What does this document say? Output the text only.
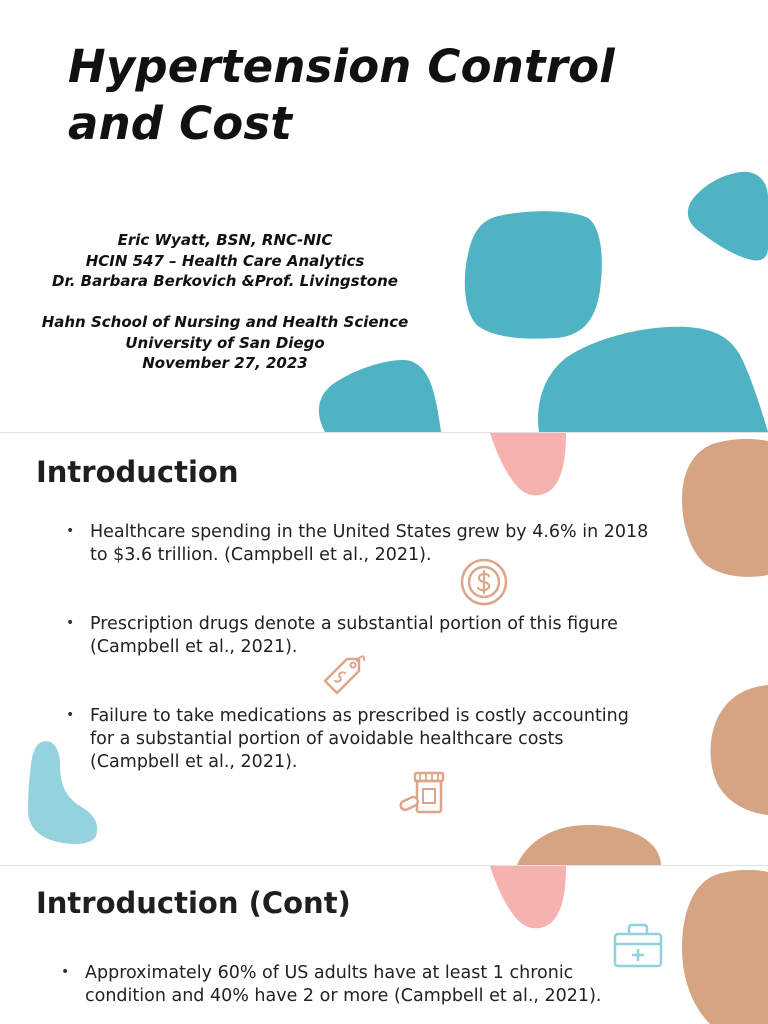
Hypertension Control
and Cost
Eric Wyatt, BSN, RNC-NIC
HCIN 547 – Health Care Analytics
Dr. Barbara Berkovich &Prof. Livingstone
Hahn School of Nursing and Health Science
University of San Diego
November 27, 2023
Introduction
• Healthcare spending in the United States grew by 4.6% in 2018
to $3.6 trillion. (Campbell et al., 2021).
• Prescription drugs denote a substantial portion of this figure
(Campbell et al., 2021).
• Failure to take medications as prescribed is costly accounting
for a substantial portion of avoidable healthcare costs
(Campbell et al., 2021).
Introduction (Cont)
• Approximately 60% of US adults have at least 1 chronic
condition and 40% have 2 or more (Campbell et al., 2021).
